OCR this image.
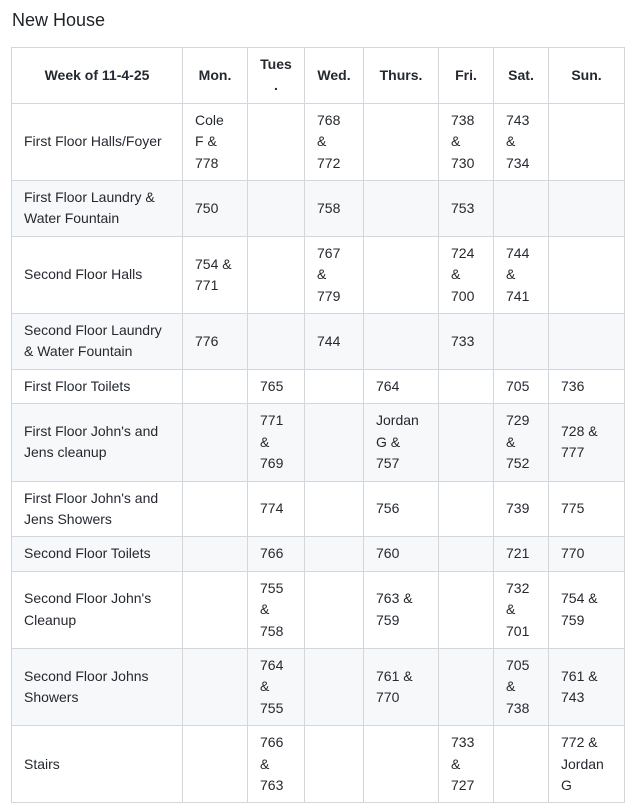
New House
Week of 11-4-25	Mon.	Tues.	Wed.	Thurs.	Fri.	Sat.	Sun.
First Floor Halls/Foyer	Cole F & 778		768 & 772		738 & 730	743 & 734	
First Floor Laundry & Water Fountain	750		758		753		
Second Floor Halls	754 & 771		767 & 779		724 & 700	744 & 741	
Second Floor Laundry & Water Fountain	776		744		733		
First Floor Toilets		765		764		705	736
First Floor John's and Jens cleanup		771 & 769		Jordan G & 757		729 & 752	728 & 777
First Floor John's and Jens Showers		774		756		739	775
Second Floor Toilets		766		760		721	770
Second Floor John's Cleanup		755 & 758		763 & 759		732 & 701	754 & 759
Second Floor Johns Showers		764 & 755		761 & 770		705 & 738	761 & 743
Stairs		766 & 763			733 & 727		772 & Jordan G
